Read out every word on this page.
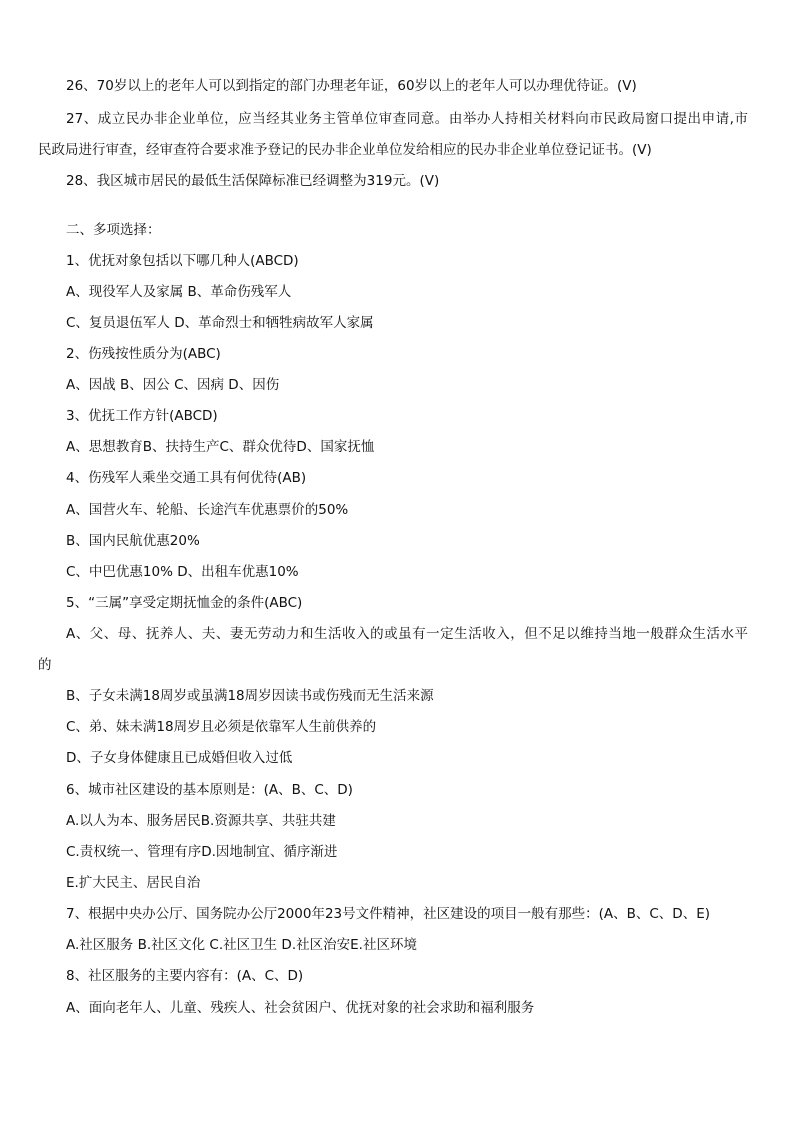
26、70岁以上的老年人可以到指定的部门办理老年证，60岁以上的老年人可以办理优待证。(V)
27、成立民办非企业单位，应当经其业务主管单位审查同意。由举办人持相关材料向市民政局窗口提出申请,市
民政局进行审查，经审查符合要求准予登记的民办非企业单位发给相应的民办非企业单位登记证书。(V)
28、我区城市居民的最低生活保障标准已经调整为319元。(V)
二、多项选择：
1、优抚对象包括以下哪几种人(ABCD)
A、现役军人及家属 B、革命伤残军人
C、复员退伍军人 D、革命烈士和牺牲病故军人家属
2、伤残按性质分为(ABC)
A、因战 B、因公 C、因病 D、因伤
3、优抚工作方针(ABCD)
A、思想教育B、扶持生产C、群众优待D、国家抚恤
4、伤残军人乘坐交通工具有何优待(AB)
A、国营火车、轮船、长途汽车优惠票价的50%
B、国内民航优惠20%
C、中巴优惠10% D、出租车优惠10%
5、“三属”享受定期抚恤金的条件(ABC)
A、父、母、抚养人、夫、妻无劳动力和生活收入的或虽有一定生活收入，但不足以维持当地一般群众生活水平
的
B、子女未满18周岁或虽满18周岁因读书或伤残而无生活来源
C、弟、妹未满18周岁且必须是依靠军人生前供养的
D、子女身体健康且已成婚但收入过低
6、城市社区建设的基本原则是：(A、B、C、D)
A.以人为本、服务居民B.资源共享、共驻共建
C.责权统一、管理有序D.因地制宜、循序渐进
E.扩大民主、居民自治
7、根据中央办公厅、国务院办公厅2000年23号文件精神，社区建设的项目一般有那些：(A、B、C、D、E)
A.社区服务 B.社区文化 C.社区卫生 D.社区治安E.社区环境
8、社区服务的主要内容有：(A、C、D)
A、面向老年人、儿童、残疾人、社会贫困户、优抚对象的社会求助和福利服务
